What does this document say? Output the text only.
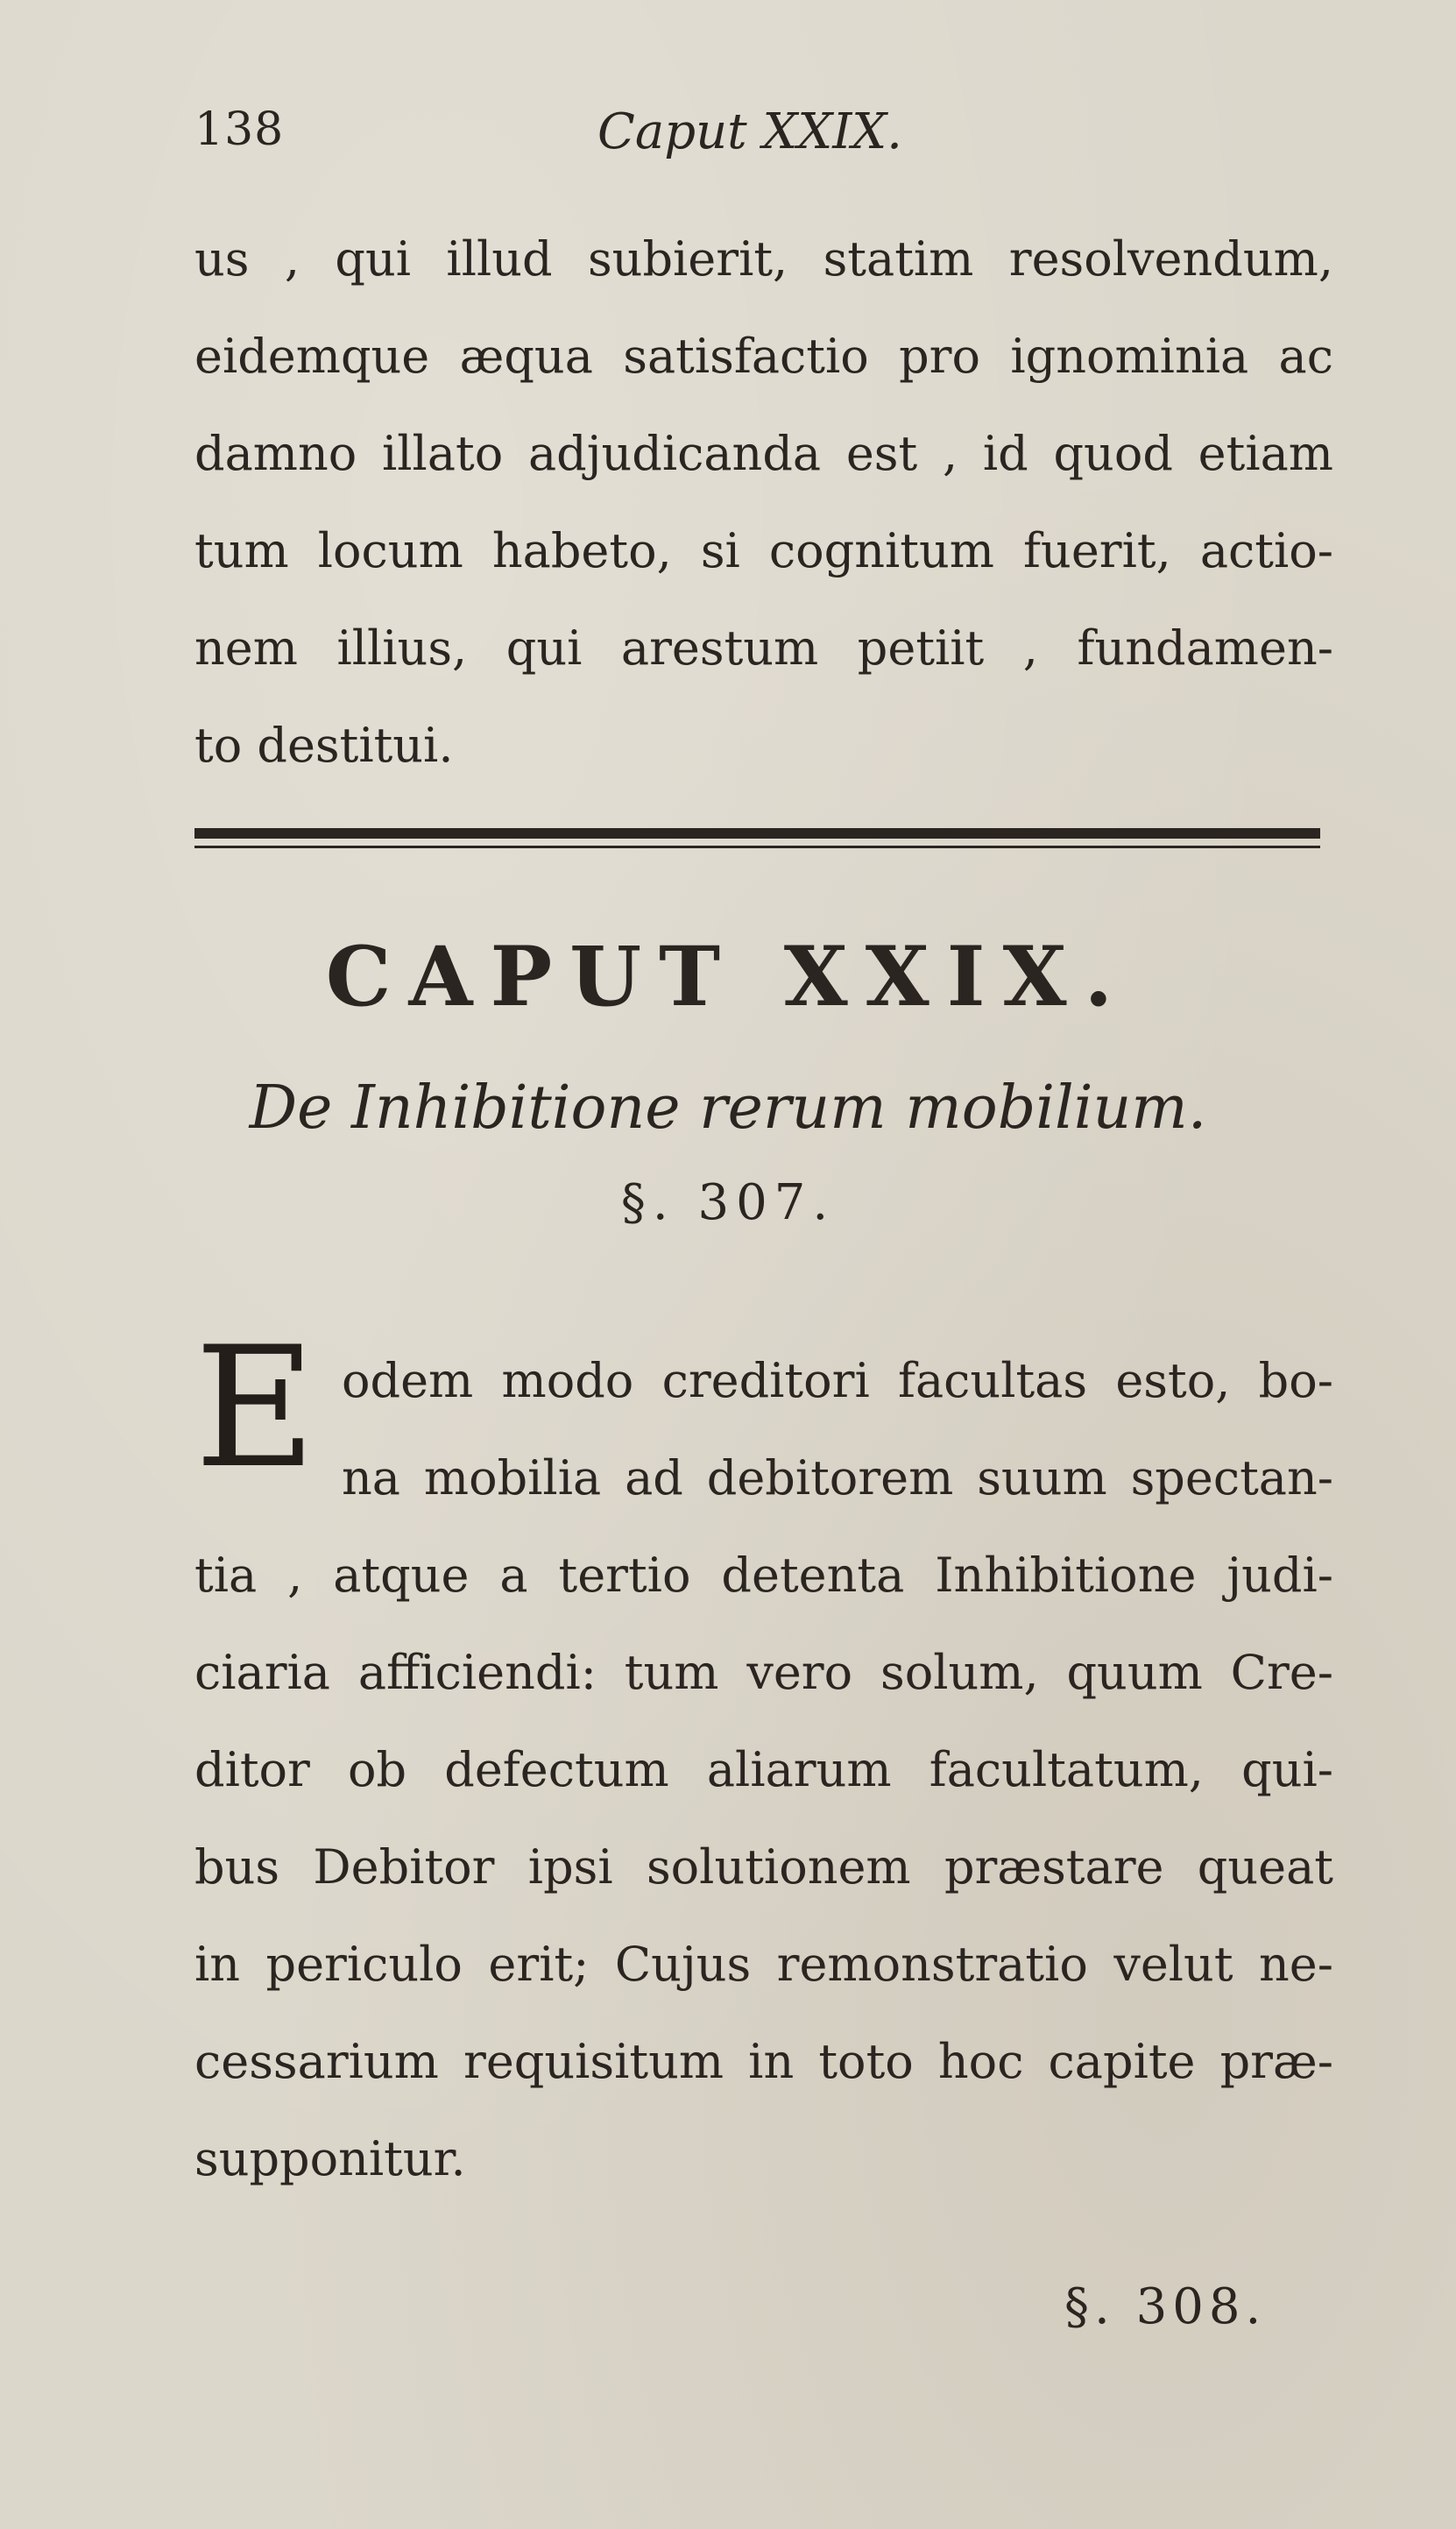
138	Caput XXIX.
us , qui illud subierit, statim resolvendum,
eidemque æqua satisfactio pro ignominia ac
damno illato adjudicanda est , id quod etiam
tum locum habeto, si cognitum fuerit, actio-
nem illius, qui arestum petiit , fundamen-
to destitui.
CAPUT XXIX.
De Inhibitione rerum mobilium.
§. 307.
E odem modo creditori facultas esto, bo-
na mobilia ad debitorem suum spectan-
tia , atque a tertio detenta Inhibitione judi-
ciaria afficiendi: tum vero solum, quum Cre-
ditor ob defectum aliarum facultatum, qui-
bus Debitor ipsi solutionem præstare queat
in periculo erit; Cujus remonstratio velut ne-
cessarium requisitum in toto hoc capite præ-
supponitur.
§. 308.
